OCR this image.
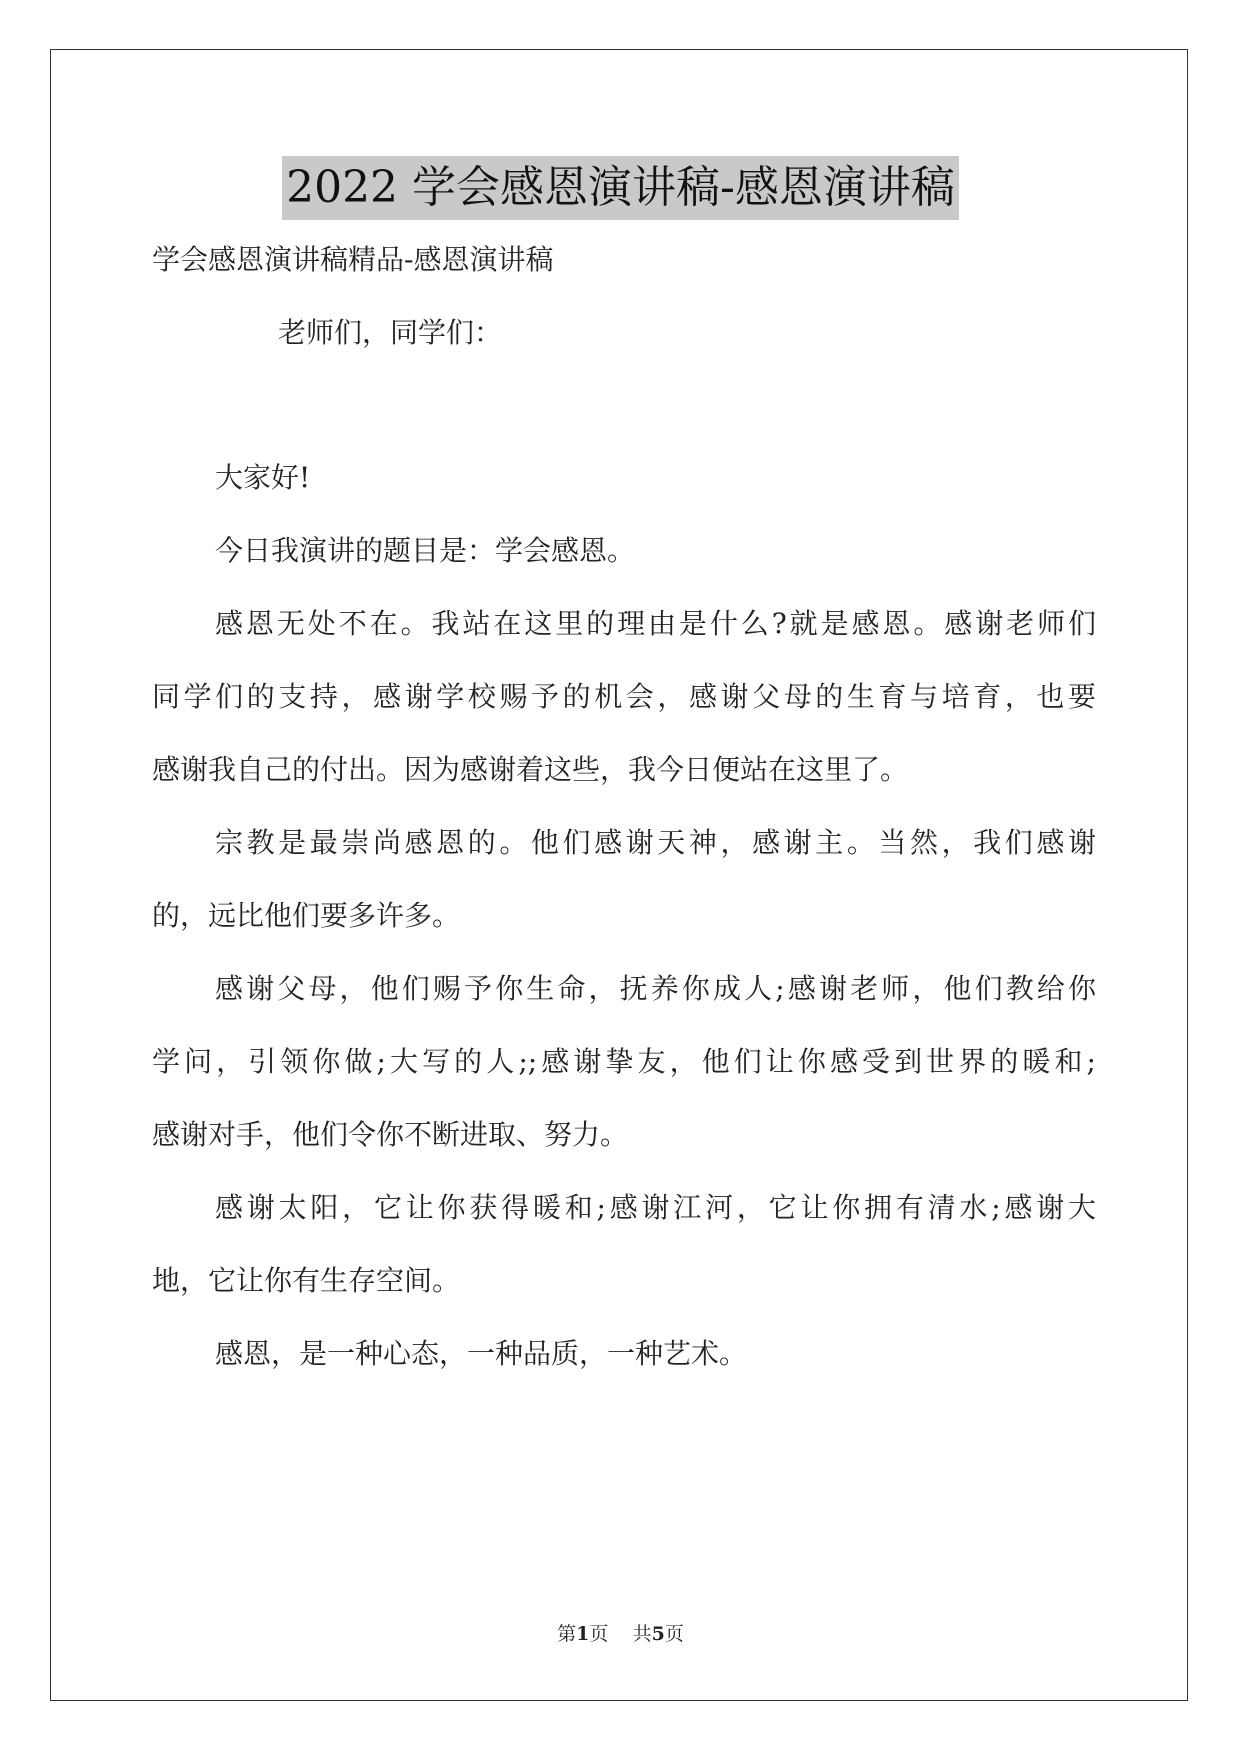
2022 学会感恩演讲稿-感恩演讲稿

学会感恩演讲稿精品-感恩演讲稿

老师们，同学们：

大家好!

今日我演讲的题目是：学会感恩。

感恩无处不在。我站在这里的理由是什么?就是感恩。感谢老师们

同学们的支持，感谢学校赐予的机会，感谢父母的生育与培育，也要

感谢我自己的付出。因为感谢着这些，我今日便站在这里了。

宗教是最崇尚感恩的。他们感谢天神，感谢主。当然，我们感谢

的，远比他们要多许多。

感谢父母，他们赐予你生命，抚养你成人;感谢老师，他们教给你

学问，引领你做;大写的人;;感谢挚友，他们让你感受到世界的暖和;

感谢对手，他们令你不断进取、努力。

感谢太阳，它让你获得暖和;感谢江河，它让你拥有清水;感谢大

地，它让你有生存空间。

感恩，是一种心态，一种品质，一种艺术。

第1页 共5页
